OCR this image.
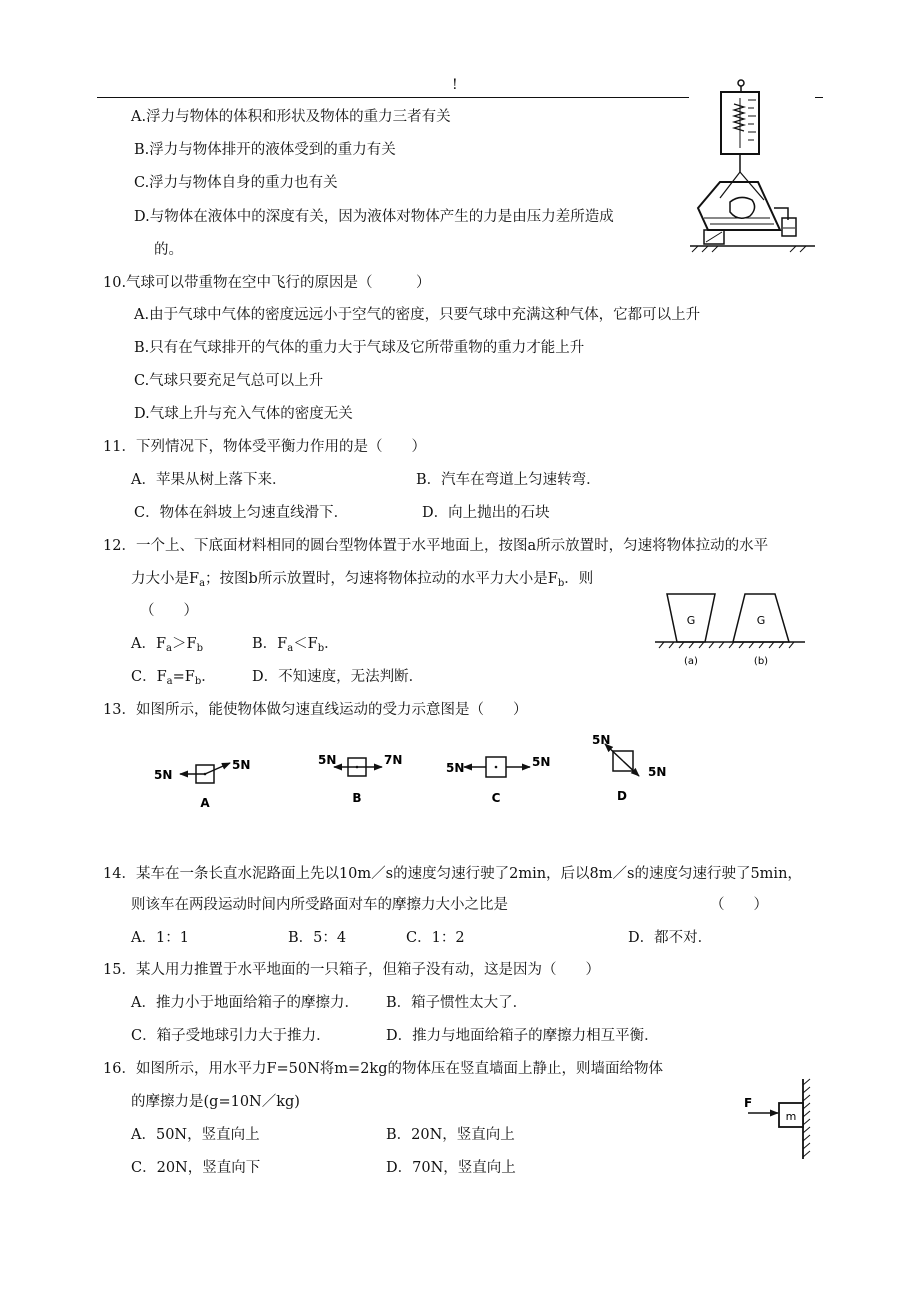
!
A.浮力与物体的体积和形状及物体的重力三者有关
B.浮力与物体排开的液体受到的重力有关
C.浮力与物体自身的重力也有关
D.与物体在液体中的深度有关，因为液体对物体产生的力是由压力差所造成
的。
10.气球可以带重物在空中飞行的原因是（　　　）
A.由于气球中气体的密度远远小于空气的密度，只要气球中充满这种气体，它都可以上升
B.只有在气球排开的气体的重力大于气球及它所带重物的重力才能上升
C.气球只要充足气总可以上升
D.气球上升与充入气体的密度无关
11．下列情况下，物体受平衡力作用的是（　　）
A．苹果从树上落下来．	B．汽车在弯道上匀速转弯．
C．物体在斜坡上匀速直线滑下．	D．向上抛出的石块
12．一个上、下底面材料相同的圆台型物体置于水平地面上，按图a所示放置时，匀速将物体拉动的水平
力大小是$F_a$；按图b所示放置时，匀速将物体拉动的水平力大小是$F_b$．则
（　　）
A．$F_a>F_b$	B．$F_a<F_b$．
C．$F_a=F_b$．	D．不知速度，无法判断．
G	G
(a)	(b)
13．如图所示，能使物体做匀速直线运动的受力示意图是（　　）
5N
5N
A
5N	7N
B
5N	5N
C
5N
5N
D
14．某车在一条长直水泥路面上先以10m／s的速度匀速行驶了2min，后以8m／s的速度匀速行驶了5min，
则该车在两段运动时间内所受路面对车的摩擦力大小之比是	（　　）
A．1：1	B．5：4	C．1：2	D．都不对．
15．某人用力推置于水平地面的一只箱子，但箱子没有动，这是因为（　　）
A．推力小于地面给箱子的摩擦力． B．箱子惯性太大了．
C．箱子受地球引力大于推力．	D．推力与地面给箱子的摩擦力相互平衡．
16．如图所示，用水平力F=50N将m=2kg的物体压在竖直墙面上静止，则墙面给物体
的摩擦力是(g=10N／kg)
A．50N，竖直向上	B．20N，竖直向上
C．20N，竖直向下	D．70N，竖直向上
m
F
